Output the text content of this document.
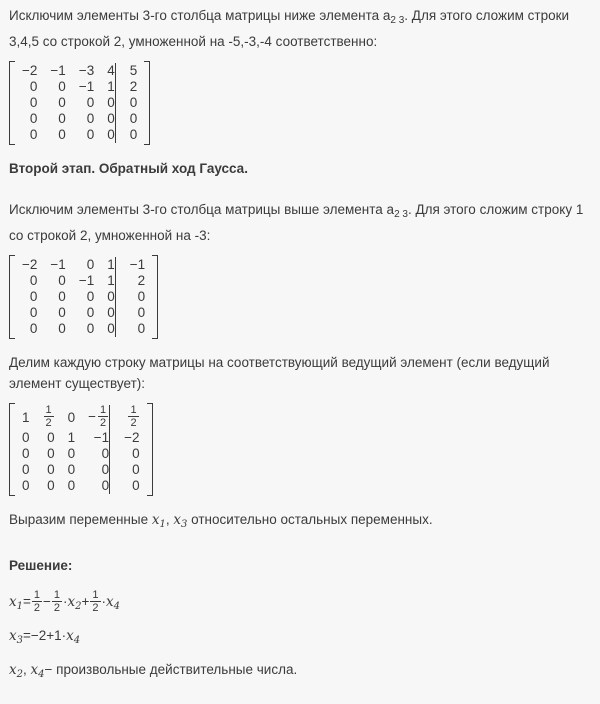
Исключим элементы 3-го столбца матрицы ниже элемента $a_{2 3}$. Для этого сложим строки 3,4,5 со строкой 2, умноженной на -5,-3,-4 соответственно:
−2	−1	−3	4	5
0	0	−1	1	2
0	0	0	0	0
0	0	0	0	0
0	0	0	0	0
Второй этап. Обратный ход Гаусса.
Исключим элементы 3-го столбца матрицы выше элемента $a_{2 3}$. Для этого сложим строку 1 со строкой 2, умноженной на -3:
−2	−1	0	1	−1
0	0	−1	1	2
0	0	0	0	0
0	0	0	0	0
0	0	0	0	0
Делим каждую строку матрицы на соответствующий ведущий элемент (если ведущий элемент существует):
1	$\frac{1}{2}$	0	− $\frac{1}{2}$	$\frac{1}{2}$

0	0	1	−1	−2
0	0	0	0	0
0	0	0	0	0
0	0	0	0	0
Выразим переменные $x_1$, $x_3$ относительно остальных переменных.
Решение:
$x_1= \frac{1}{2} - \frac{1}{2} \cdot x_2+ \frac{1}{2} \cdot x_4$
$x_3=-2+1\cdot x_4$
$x_2$, $x_4-$ произвольные действительные числа.
